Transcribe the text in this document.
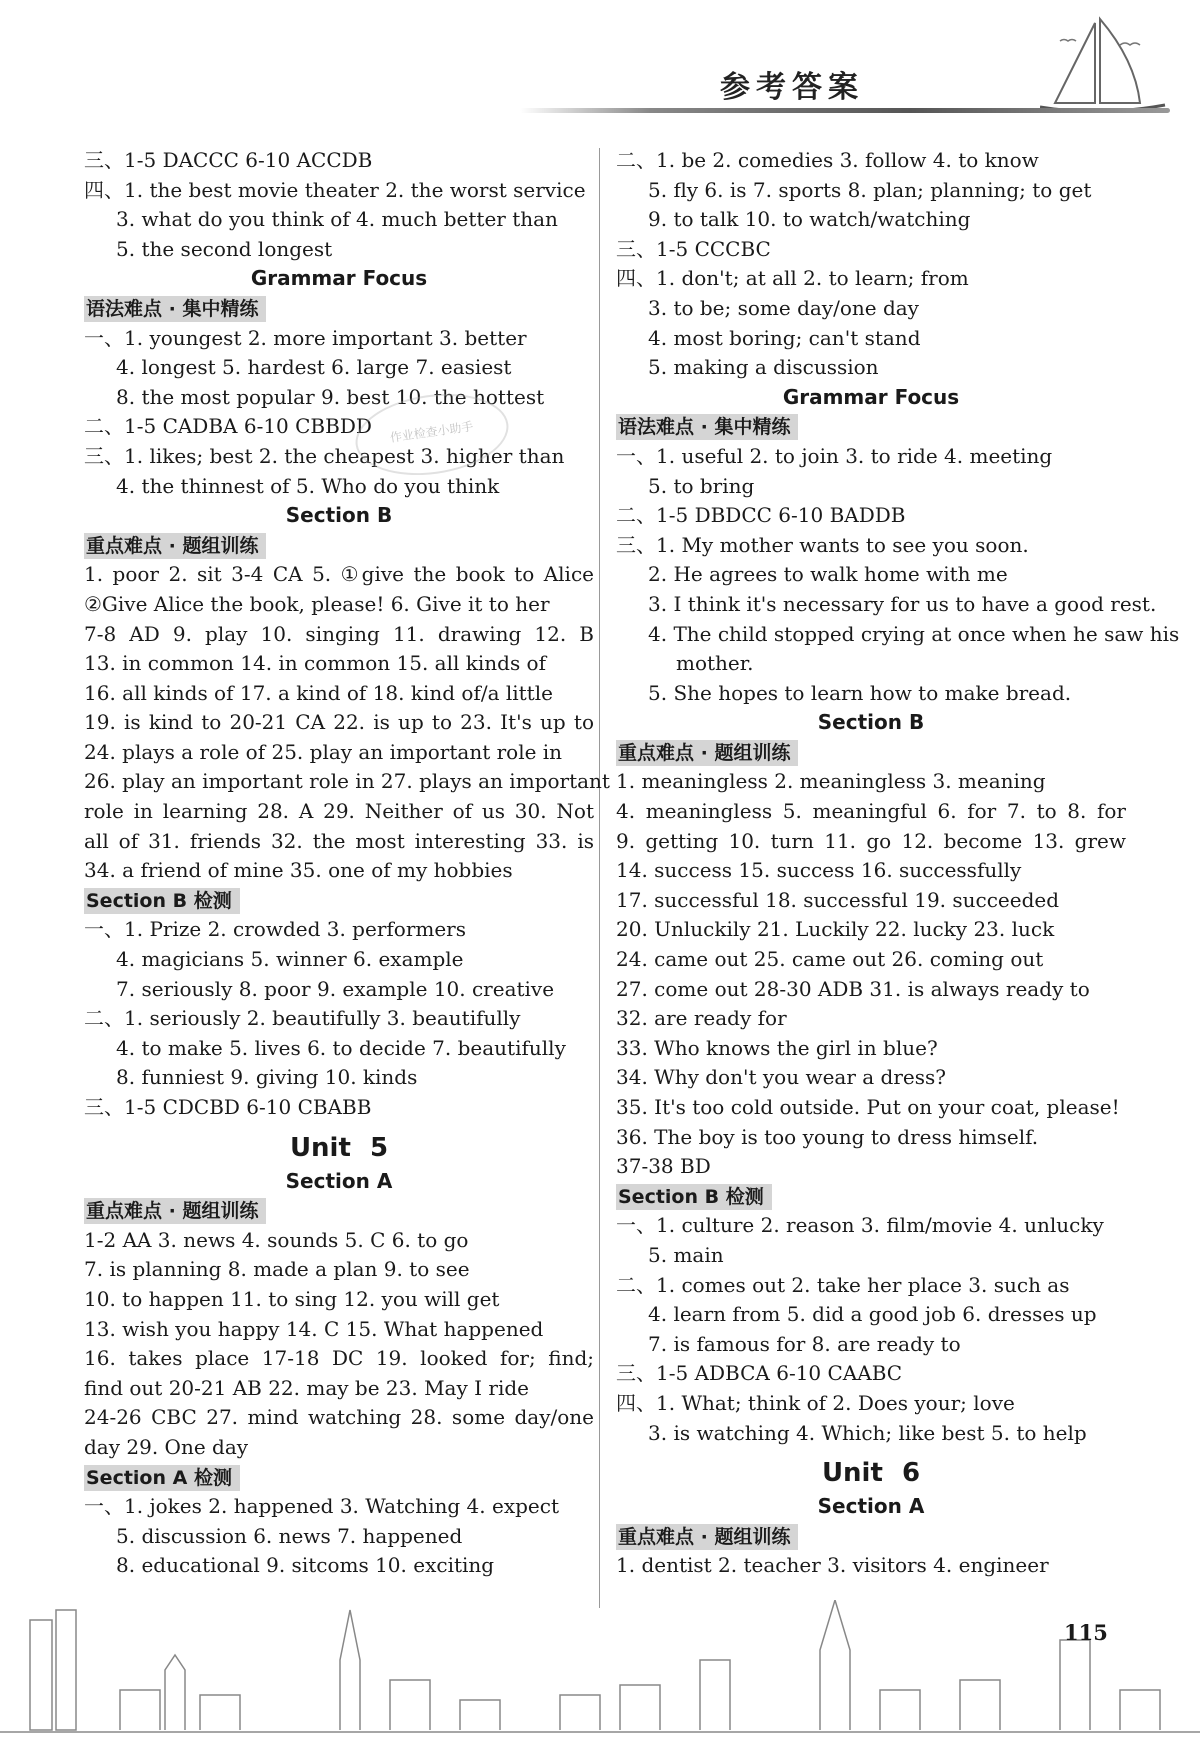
参考答案
三、1-5 DACCC 6-10 ACCDB
四、1. the best movie theater 2. the worst service
3. what do you think of 4. much better than
5. the second longest
Grammar Focus
语法难点 · 集中精练
一、1. youngest 2. more important 3. better
4. longest 5. hardest 6. large 7. easiest
8. the most popular 9. best 10. the hottest
二、1-5 CADBA 6-10 CBBDD
三、1. likes; best 2. the cheapest 3. higher than
4. the thinnest of 5. Who do you think
Section B
重点难点 · 题组训练
1. poor 2. sit 3-4 CA 5. ①give the book to Alice
②Give Alice the book, please! 6. Give it to her
7-8 AD 9. play 10. singing 11. drawing 12. B
13. in common 14. in common 15. all kinds of
16. all kinds of 17. a kind of 18. kind of/a little
19. is kind to 20-21 CA 22. is up to 23. It's up to
24. plays a role of 25. play an important role in
26. play an important role in 27. plays an important
role in learning 28. A 29. Neither of us 30. Not
all of 31. friends 32. the most interesting 33. is
34. a friend of mine 35. one of my hobbies
Section B 检测
一、1. Prize 2. crowded 3. performers
4. magicians 5. winner 6. example
7. seriously 8. poor 9. example 10. creative
二、1. seriously 2. beautifully 3. beautifully
4. to make 5. lives 6. to decide 7. beautifully
8. funniest 9. giving 10. kinds
三、1-5 CDCBD 6-10 CBABB
Unit 5
Section A
重点难点 · 题组训练
1-2 AA 3. news 4. sounds 5. C 6. to go
7. is planning 8. made a plan 9. to see
10. to happen 11. to sing 12. you will get
13. wish you happy 14. C 15. What happened
16. takes place 17-18 DC 19. looked for; find;
find out 20-21 AB 22. may be 23. May I ride
24-26 CBC 27. mind watching 28. some day/one
day 29. One day
Section A 检测
一、1. jokes 2. happened 3. Watching 4. expect
5. discussion 6. news 7. happened
8. educational 9. sitcoms 10. exciting
二、1. be 2. comedies 3. follow 4. to know
5. fly 6. is 7. sports 8. plan; planning; to get
9. to talk 10. to watch/watching
三、1-5 CCCBC
四、1. don't; at all 2. to learn; from
3. to be; some day/one day
4. most boring; can't stand
5. making a discussion
Grammar Focus
语法难点 · 集中精练
一、1. useful 2. to join 3. to ride 4. meeting
5. to bring
二、1-5 DBDCC 6-10 BADDB
三、1. My mother wants to see you soon.
2. He agrees to walk home with me
3. I think it's necessary for us to have a good rest.
4. The child stopped crying at once when he saw his
mother.
5. She hopes to learn how to make bread.
Section B
重点难点 · 题组训练
1. meaningless 2. meaningless 3. meaning
4. meaningless 5. meaningful 6. for 7. to 8. for
9. getting 10. turn 11. go 12. become 13. grew
14. success 15. success 16. successfully
17. successful 18. successful 19. succeeded
20. Unluckily 21. Luckily 22. lucky 23. luck
24. came out 25. came out 26. coming out
27. come out 28-30 ADB 31. is always ready to
32. are ready for
33. Who knows the girl in blue?
34. Why don't you wear a dress?
35. It's too cold outside. Put on your coat, please!
36. The boy is too young to dress himself.
37-38 BD
Section B 检测
一、1. culture 2. reason 3. film/movie 4. unlucky
5. main
二、1. comes out 2. take her place 3. such as
4. learn from 5. did a good job 6. dresses up
7. is famous for 8. are ready to
三、1-5 ADBCA 6-10 CAABC
四、1. What; think of 2. Does your; love
3. is watching 4. Which; like best 5. to help
Unit 6
Section A
重点难点 · 题组训练
1. dentist 2. teacher 3. visitors 4. engineer
作业检查小助手
115
